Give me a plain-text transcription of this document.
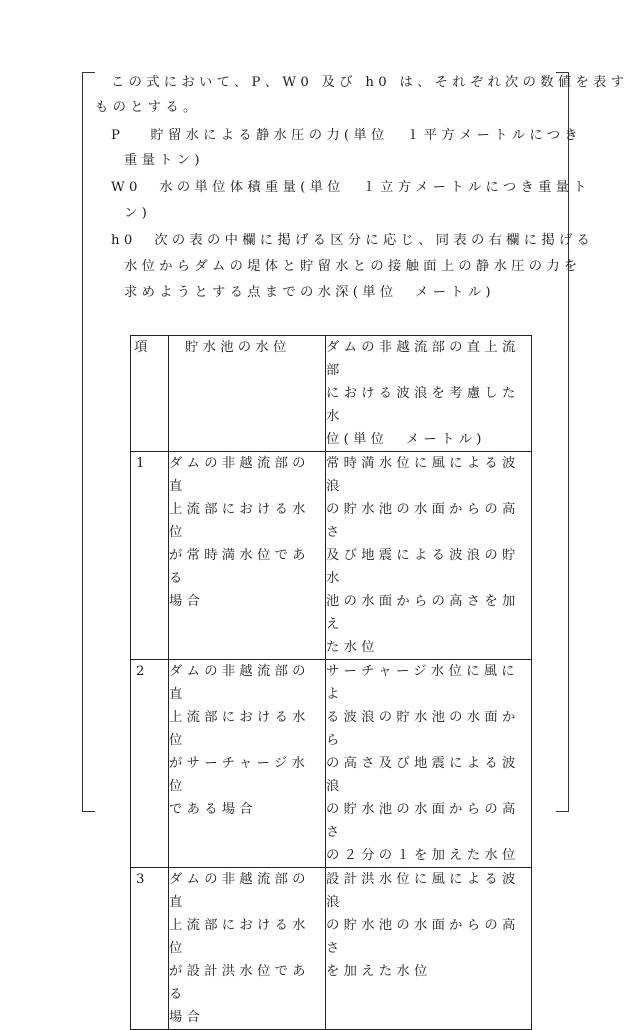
この式において、P、W0 及び h0 は、それぞれ次の数値を表す
ものとする。
P　 貯留水による静水圧の力(単位　１平方メートルにつき
重量トン)
W0　水の単位体積重量(単位　１立方メートルにつき重量ト
ン)
h0　次の表の中欄に掲げる区分に応じ、同表の右欄に掲げる
水位からダムの堤体と貯留水との接触面上の静水圧の力を
求めようとする点までの水深(単位　メートル)
項	貯水池の水位	ダムの非越流部の直上流部
における波浪を考慮した水
位(単位　メートル)

1	ダムの非越流部の直
上流部における水位
が常時満水位である
場合	常時満水位に風による波浪
の貯水池の水面からの高さ
及び地震による波浪の貯水
池の水面からの高さを加え
た水位

2	ダムの非越流部の直
上流部における水位
がサーチャージ水位
である場合	サーチャージ水位に風によ
る波浪の貯水池の水面から
の高さ及び地震による波浪
の貯水池の水面からの高さ
の２分の１を加えた水位

3	ダムの非越流部の直
上流部における水位
が設計洪水位である
場合	設計洪水位に風による波浪
の貯水池の水面からの高さ
を加えた水位
